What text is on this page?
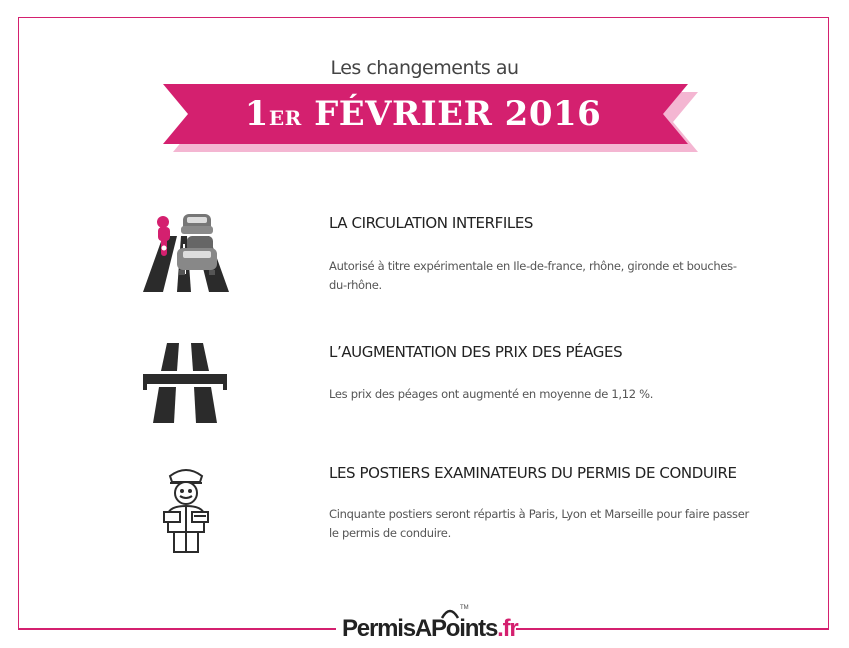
Les changements au
1ER FÉVRIER 2016
LA CIRCULATION INTERFILES
Autorisé à titre expérimentale en Ile-de-france, rhône, gironde et bouches-du-rhône.
L’AUGMENTATION DES PRIX DES PÉAGES
Les prix des péages ont augmenté en moyenne de 1,12 %.
LES POSTIERS EXAMINATEURS DU PERMIS DE CONDUIRE
Cinquante postiers seront répartis à Paris, Lyon et Marseille pour faire passer le permis de conduire.
TM
PermisAPoints.fr
